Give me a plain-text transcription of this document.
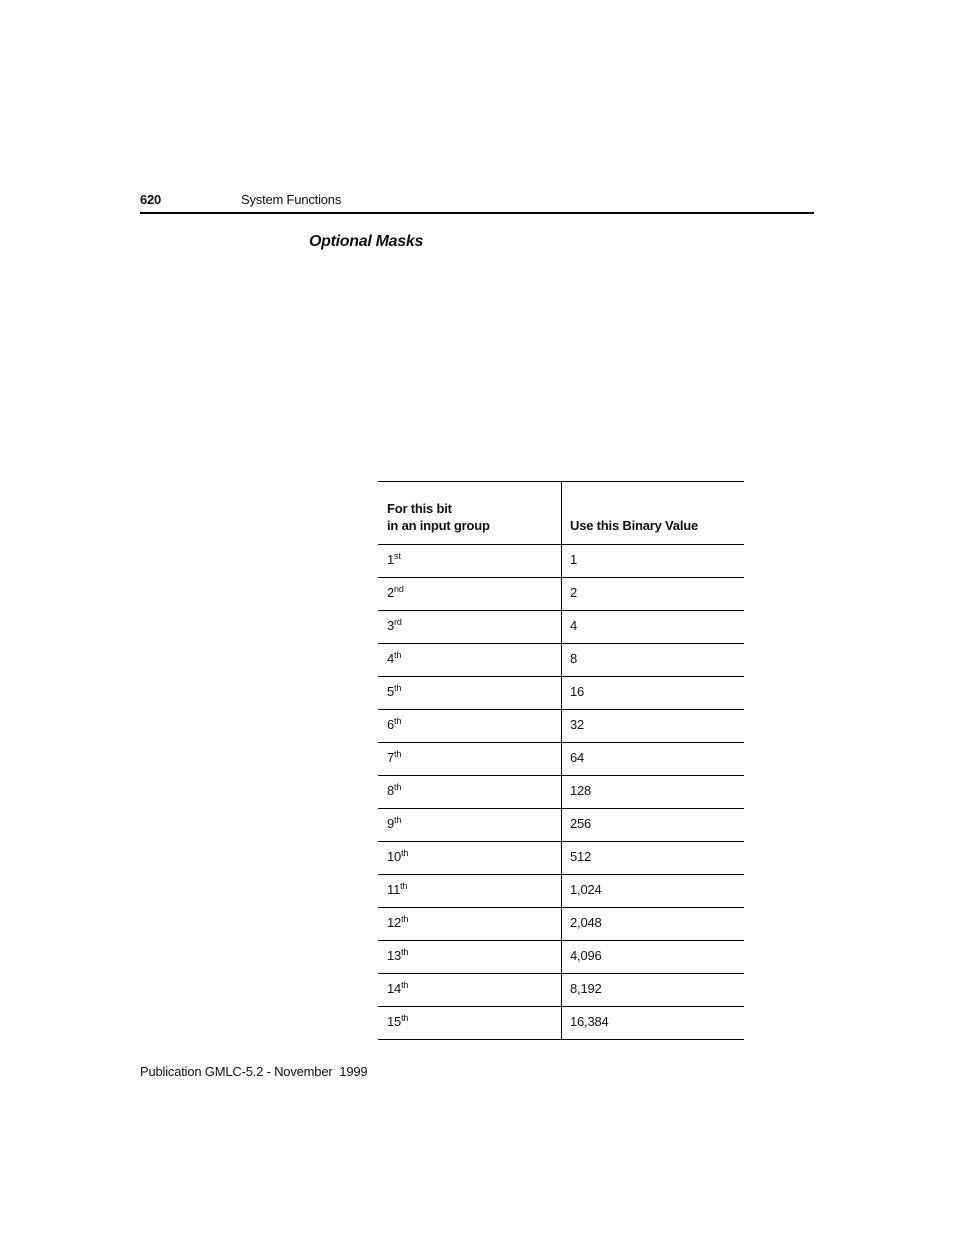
620	System Functions
Optional Masks
For this bit
in an input group	Use this Binary Value

1st	1
2nd	2
3rd	4
4th	8
5th	16
6th	32
7th	64
8th	128
9th	256
10th	512
11th	1,024
12th	2,048
13th	4,096
14th	8,192
15th	16,384
Publication GMLC-5.2 - November  1999
